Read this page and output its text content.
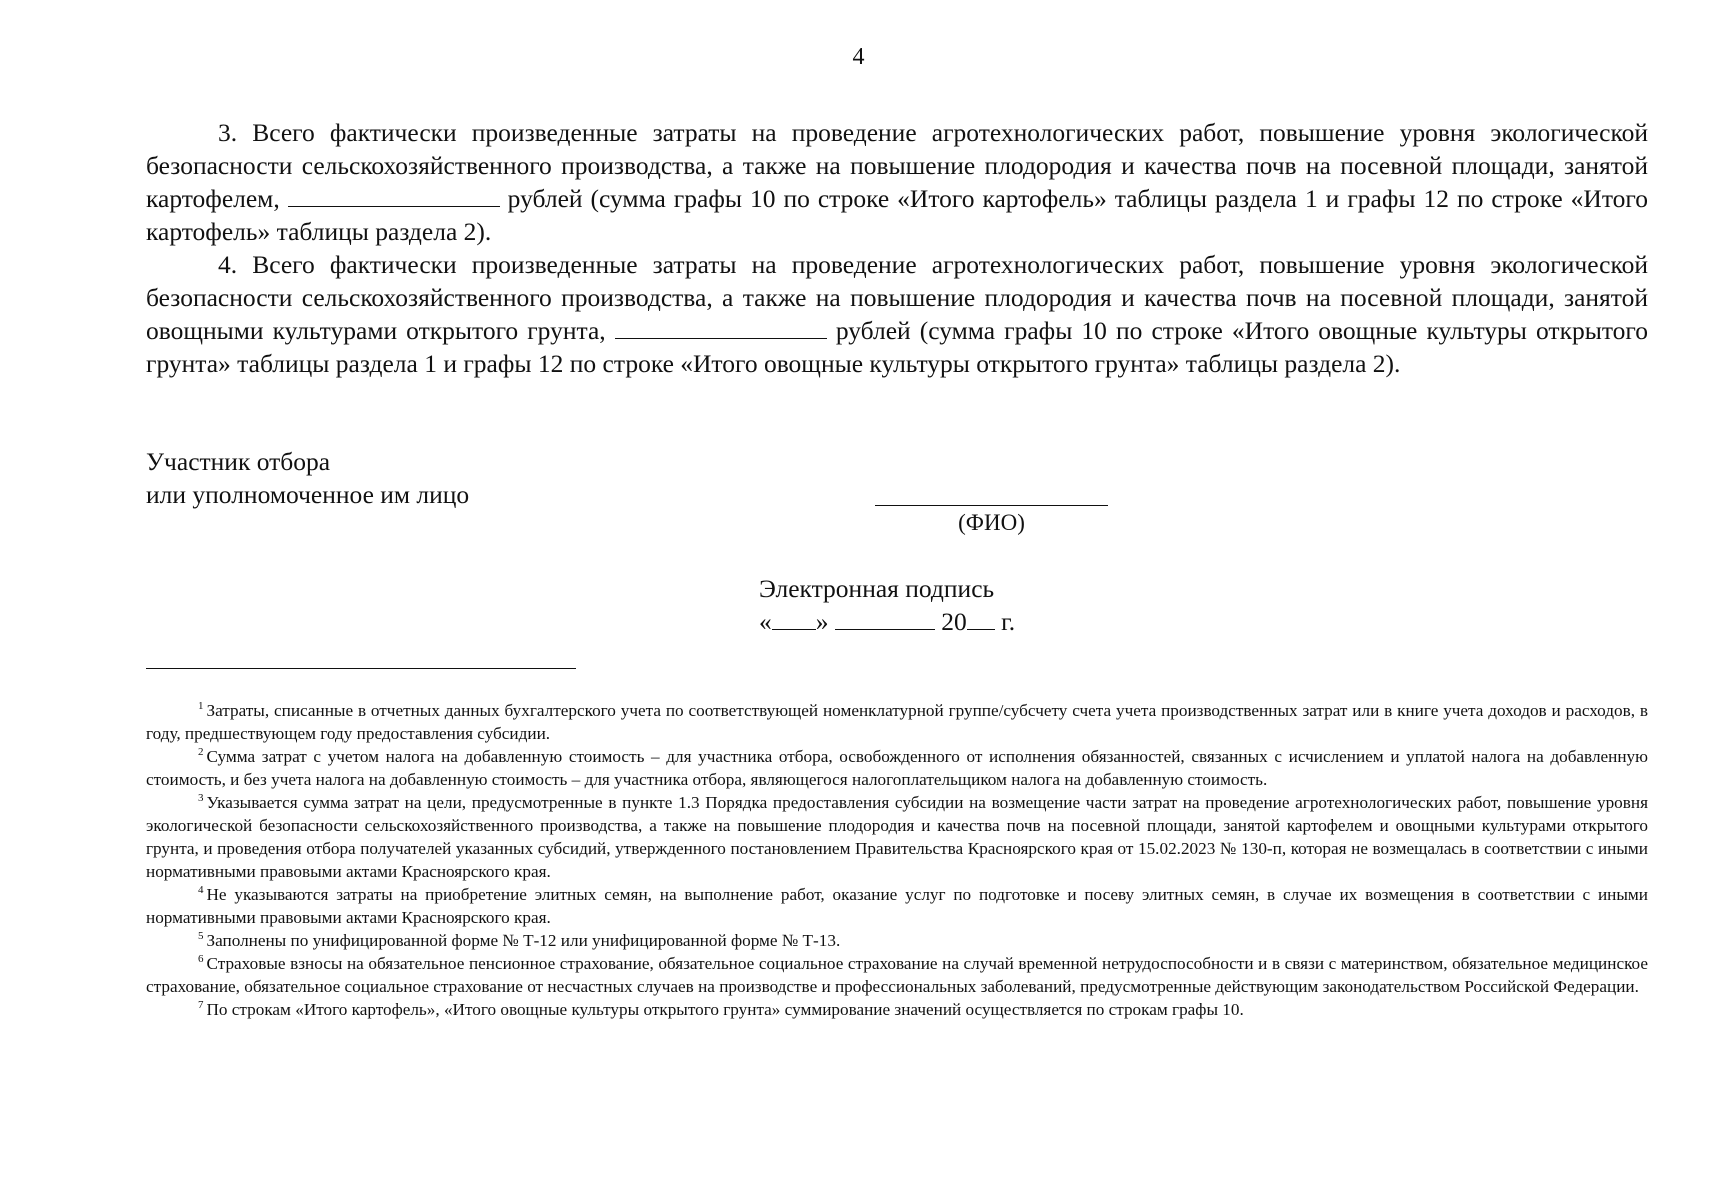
4

3. Всего фактически произведенные затраты на проведение агротехнологических работ, повышение уровня экологической безопасности сельскохозяйственного производства, а также на повышение плодородия и качества почв на посевной площади, занятой картофелем,	рублей (сумма графы 10 по строке «Итого картофель» таблицы раздела 1 и графы 12 по строке «Итого картофель» таблицы раздела 2).

4. Всего фактически произведенные затраты на проведение агротехнологических работ, повышение уровня экологической безопасности сельскохозяйственного производства, а также на повышение плодородия и качества почв на посевной площади, занятой овощными культурами открытого грунта,	рублей (сумма графы 10 по строке «Итого овощные культуры открытого грунта» таблицы раздела 1 и графы 12 по строке «Итого овощные культуры открытого грунта» таблицы раздела 2).

Участник отбора
или уполномоченное им лицо
(ФИО)
Электронная подпись
« »	20 г.

$^1$ Затраты, списанные в отчетных данных бухгалтерского учета по соответствующей номенклатурной группе/субсчету счета учета производственных затрат или в книге учета доходов и расходов, в году, предшествующем году предоставления субсидии.

$^2$ Сумма затрат с учетом налога на добавленную стоимость – для участника отбора, освобожденного от исполнения обязанностей, связанных с исчислением и уплатой налога на добавленную стоимость, и без учета налога на добавленную стоимость – для участника отбора, являющегося налогоплательщиком налога на добавленную стоимость.

$^3$ Указывается сумма затрат на цели, предусмотренные в пункте 1.3 Порядка предоставления субсидии на возмещение части затрат на проведение агротехнологических работ, повышение уровня экологической безопасности сельскохозяйственного производства, а также на повышение плодородия и качества почв на посевной площади, занятой картофелем и овощными культурами открытого грунта, и проведения отбора получателей указанных субсидий, утвержденного постановлением Правительства Красноярского края от 15.02.2023 № 130-п, которая не возмещалась в соответствии с иными нормативными правовыми актами Красноярского края.

$^4$ Не указываются затраты на приобретение элитных семян, на выполнение работ, оказание услуг по подготовке и посеву элитных семян, в случае их возмещения в соответствии с иными нормативными правовыми актами Красноярского края.

$^5$ Заполнены по унифицированной форме № Т-12 или унифицированной форме № Т-13.

$^6$ Страховые взносы на обязательное пенсионное страхование, обязательное социальное страхование на случай временной нетрудоспособности и в связи с материнством, обязательное медицинское страхование, обязательное социальное страхование от несчастных случаев на производстве и профессиональных заболеваний, предусмотренные действующим законодательством Российской Федерации.

$^7$ По строкам «Итого картофель», «Итого овощные культуры открытого грунта» суммирование значений осуществляется по строкам графы 10.
